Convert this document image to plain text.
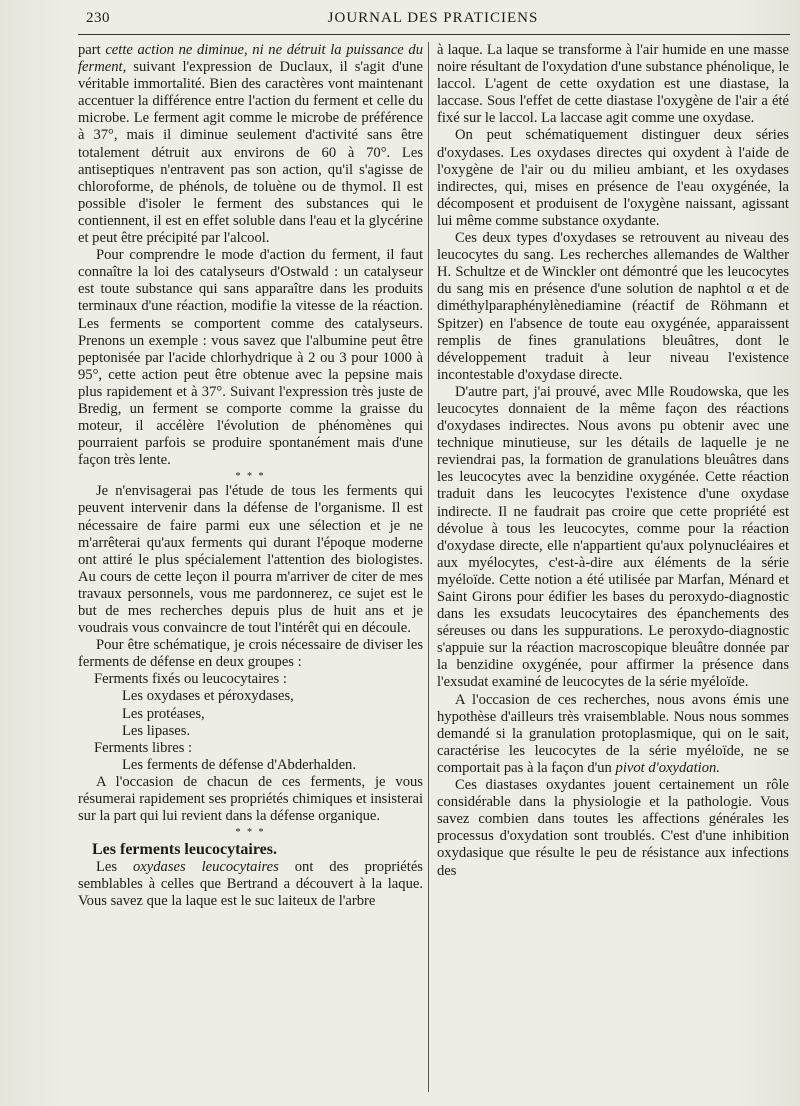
230	JOURNAL DES PRATICIENS

part cette action ne diminue, ni ne détruit la puissance du ferment, suivant l'expression de Duclaux, il s'agit d'une véritable immortalité. Bien des caractères vont maintenant accentuer la différence entre l'action du ferment et celle du microbe. Le ferment agit comme le microbe de préférence à 37°, mais il diminue seulement d'activité sans être totalement détruit aux environs de 60 à 70°. Les antiseptiques n'entravent pas son action, qu'il s'agisse de chloroforme, de phénols, de toluène ou de thymol. Il est possible d'isoler le ferment des substances qui le contiennent, il est en effet soluble dans l'eau et la glycérine et peut être précipité par l'alcool.

Pour comprendre le mode d'action du ferment, il faut connaître la loi des catalyseurs d'Ostwald : un catalyseur est toute substance qui sans apparaître dans les produits terminaux d'une réaction, modifie la vitesse de la réaction. Les ferments se comportent comme des catalyseurs. Prenons un exemple : vous savez que l'albumine peut être peptonisée par l'acide chlorhydrique à 2 ou 3 pour 1000 à 95°, cette action peut être obtenue avec la pepsine mais plus rapidement et à 37°. Suivant l'expression très juste de Bredig, un ferment se comporte comme la graisse du moteur, il accélère l'évolution de phénomènes qui pourraient parfois se produire spontanément mais d'une façon très lente.

* * *

Je n'envisagerai pas l'étude de tous les ferments qui peuvent intervenir dans la défense de l'organisme. Il est nécessaire de faire parmi eux une sélection et je ne m'arrêterai qu'aux ferments qui durant l'époque moderne ont attiré le plus spécialement l'attention des biologistes. Au cours de cette leçon il pourra m'arriver de citer de mes travaux personnels, vous me pardonnerez, ce sujet est le but de mes recherches depuis plus de huit ans et je voudrais vous convaincre de tout l'intérêt qui en découle.

Pour être schématique, je crois nécessaire de diviser les ferments de défense en deux groupes :

Ferments fixés ou leucocytaires :
Les oxydases et péroxydases,
Les protéases,
Les lipases.
Ferments libres :
Les ferments de défense d'Abderhalden.

A l'occasion de chacun de ces ferments, je vous résumerai rapidement ses propriétés chimiques et insisterai sur la part qui lui revient dans la défense organique.

* * *
Les ferments leucocytaires.

Les oxydases leucocytaires ont des propriétés semblables à celles que Bertrand a découvert à la laque. Vous savez que la laque est le suc laiteux de l'arbre

à laque. La laque se transforme à l'air humide en une masse noire résultant de l'oxydation d'une substance phénolique, le laccol. L'agent de cette oxydation est une diastase, la laccase. Sous l'effet de cette diastase l'oxygène de l'air a été fixé sur le laccol. La laccase agit comme une oxydase.

On peut schématiquement distinguer deux séries d'oxydases. Les oxydases directes qui oxydent à l'aide de l'oxygène de l'air ou du milieu ambiant, et les oxydases indirectes, qui, mises en présence de l'eau oxygénée, la décomposent et produisent de l'oxygène naissant, agissant lui même comme substance oxydante.

Ces deux types d'oxydases se retrouvent au niveau des leucocytes du sang. Les recherches allemandes de Walther H. Schultze et de Winckler ont démontré que les leucocytes du sang mis en présence d'une solution de naphtol α et de diméthylparaphénylènediamine (réactif de Röhmann et Spitzer) en l'absence de toute eau oxygénée, apparaissent remplis de fines granulations bleuâtres, dont le développement traduit à leur niveau l'existence incontestable d'oxydase directe.

D'autre part, j'ai prouvé, avec Mlle Roudowska, que les leucocytes donnaient de la même façon des réactions d'oxydases indirectes. Nous avons pu obtenir avec une technique minutieuse, sur les détails de laquelle je ne reviendrai pas, la formation de granulations bleuâtres dans les leucocytes avec la benzidine oxygénée. Cette réaction traduit dans les leucocytes l'existence d'une oxydase indirecte. Il ne faudrait pas croire que cette propriété est dévolue à tous les leucocytes, comme pour la réaction d'oxydase directe, elle n'appartient qu'aux polynucléaires et aux myélocytes, c'est-à-dire aux éléments de la série myéloïde. Cette notion a été utilisée par Marfan, Ménard et Saint Girons pour édifier les bases du peroxydo-diagnostic dans les exsudats leucocytaires des épanchements des séreuses ou dans les suppurations. Le peroxydo-diagnostic s'appuie sur la réaction macroscopique bleuâtre donnée par la benzidine oxygénée, pour affirmer la présence dans l'exsudat examiné de leucocytes de la série myéloïde.

A l'occasion de ces recherches, nous avons émis une hypothèse d'ailleurs très vraisemblable. Nous nous sommes demandé si la granulation protoplasmique, qui on le sait, caractérise les leucocytes de la série myéloïde, ne se comportait pas à la façon d'un pivot d'oxydation.

Ces diastases oxydantes jouent certainement un rôle considérable dans la physiologie et la pathologie. Vous savez combien dans toutes les affections générales les processus d'oxydation sont troublés. C'est d'une inhibition oxydasique que résulte le peu de résistance aux infections des
